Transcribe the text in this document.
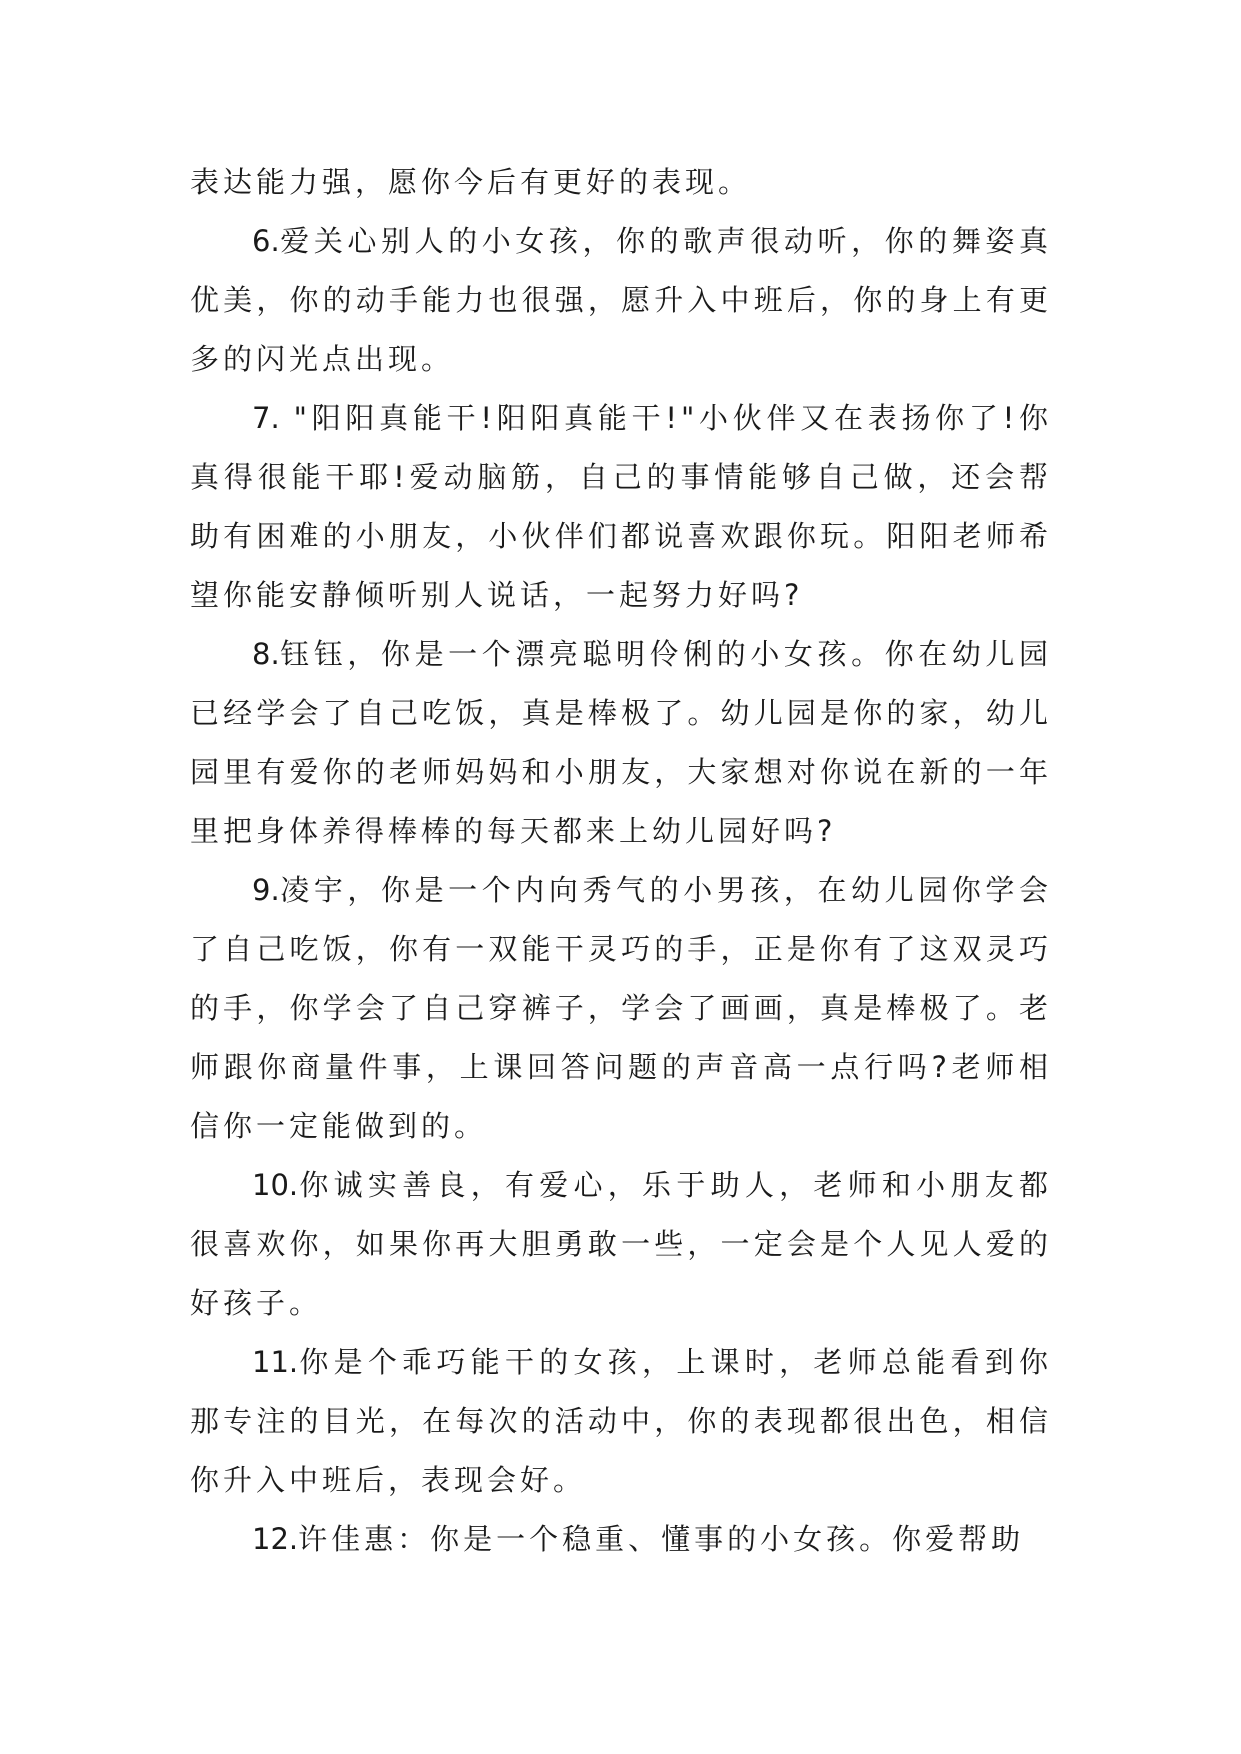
表达能力强，愿你今后有更好的表现。

6.爱关心别人的小女孩，你的歌声很动听，你的舞姿真优美，你的动手能力也很强，愿升入中班后，你的身上有更多的闪光点出现。

7. "阳阳真能干!阳阳真能干!"小伙伴又在表扬你了!你真得很能干耶!爱动脑筋，自己的事情能够自己做，还会帮助有困难的小朋友，小伙伴们都说喜欢跟你玩。阳阳老师希望你能安静倾听别人说话，一起努力好吗?

8.钰钰，你是一个漂亮聪明伶俐的小女孩。你在幼儿园已经学会了自己吃饭，真是棒极了。幼儿园是你的家，幼儿园里有爱你的老师妈妈和小朋友，大家想对你说在新的一年里把身体养得棒棒的每天都来上幼儿园好吗?

9.凌宇，你是一个内向秀气的小男孩，在幼儿园你学会了自己吃饭，你有一双能干灵巧的手，正是你有了这双灵巧的手，你学会了自己穿裤子，学会了画画，真是棒极了。老师跟你商量件事，上课回答问题的声音高一点行吗?老师相信你一定能做到的。

10.你诚实善良，有爱心，乐于助人，老师和小朋友都很喜欢你，如果你再大胆勇敢一些，一定会是个人见人爱的好孩子。

11.你是个乖巧能干的女孩，上课时，老师总能看到你那专注的目光，在每次的活动中，你的表现都很出色，相信你升入中班后，表现会好。

12.许佳惠：你是一个稳重、懂事的小女孩。你爱帮助
